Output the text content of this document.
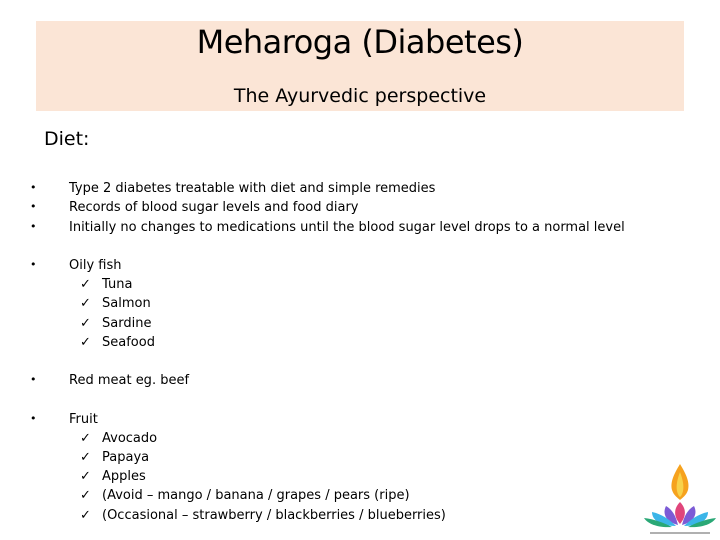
Meharoga (Diabetes)
The Ayurvedic perspective
Diet:
•	Type 2 diabetes treatable with diet and simple remedies
•	Records of blood sugar levels and food diary
•	Initially no changes to medications until the blood sugar level drops to a normal level
•	Oily fish
✓ Tuna
✓ Salmon
✓ Sardine
✓ Seafood
•	Red meat eg. beef
•	Fruit
✓ Avocado
✓ Papaya
✓ Apples
✓ (Avoid – mango / banana / grapes / pears (ripe)
✓ (Occasional – strawberry / blackberries / blueberries)
